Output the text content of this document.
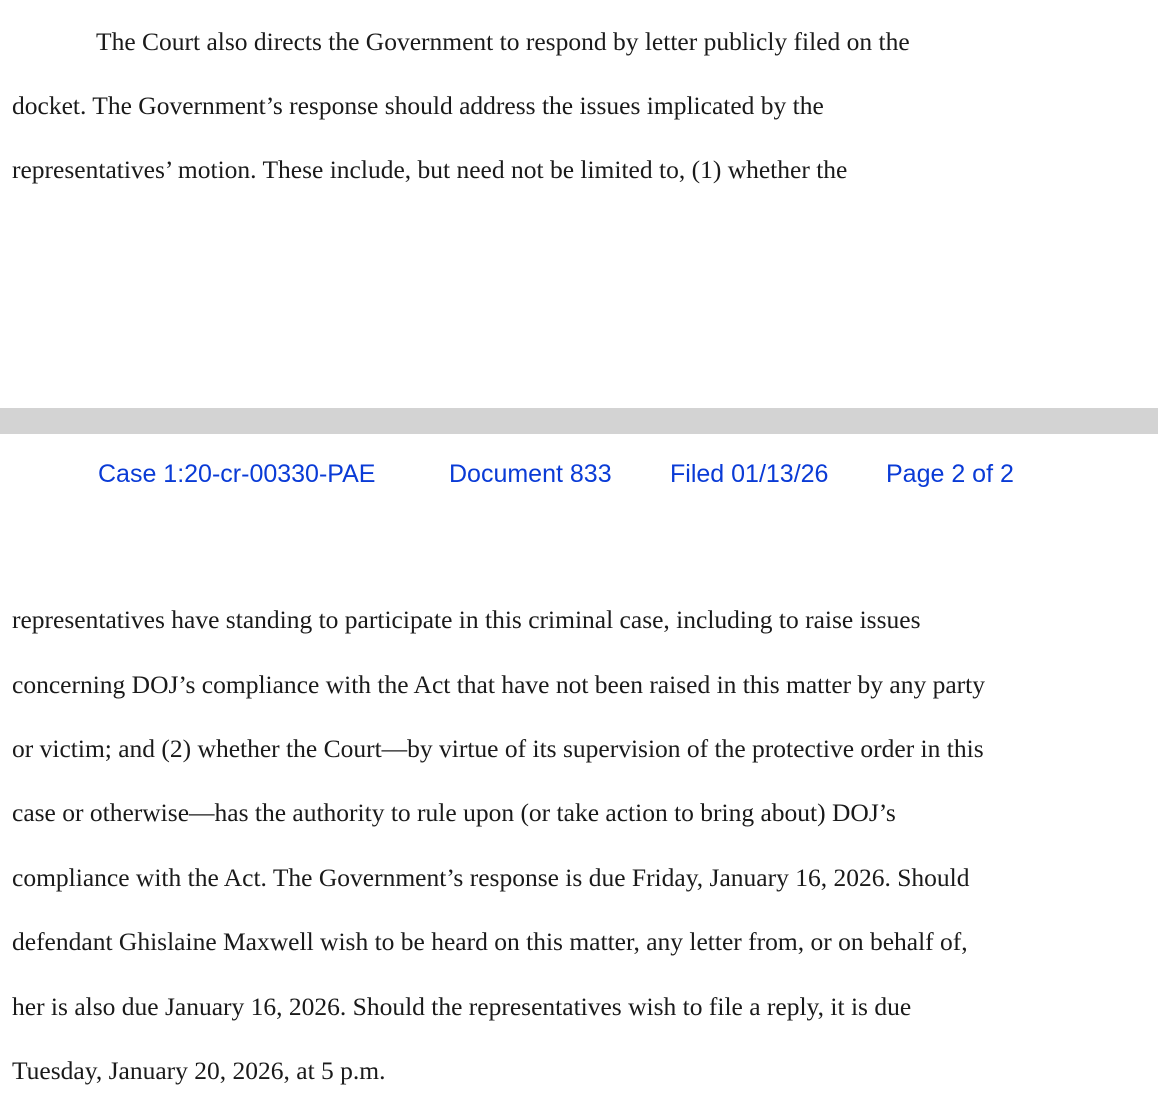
The Court also directs the Government to respond by letter publicly filed on the
docket. The Government’s response should address the issues implicated by the
representatives’ motion. These include, but need not be limited to, (1) whether the
Case 1:20-cr-00330-PAE	Document 833 Filed 01/13/26 Page 2 of 2
representatives have standing to participate in this criminal case, including to raise issues
concerning DOJ’s compliance with the Act that have not been raised in this matter by any party
or victim; and (2) whether the Court—by virtue of its supervision of the protective order in this
case or otherwise—has the authority to rule upon (or take action to bring about) DOJ’s
compliance with the Act. The Government’s response is due Friday, January 16, 2026. Should
defendant Ghislaine Maxwell wish to be heard on this matter, any letter from, or on behalf of,
her is also due January 16, 2026. Should the representatives wish to file a reply, it is due
Tuesday, January 20, 2026, at 5 p.m.
